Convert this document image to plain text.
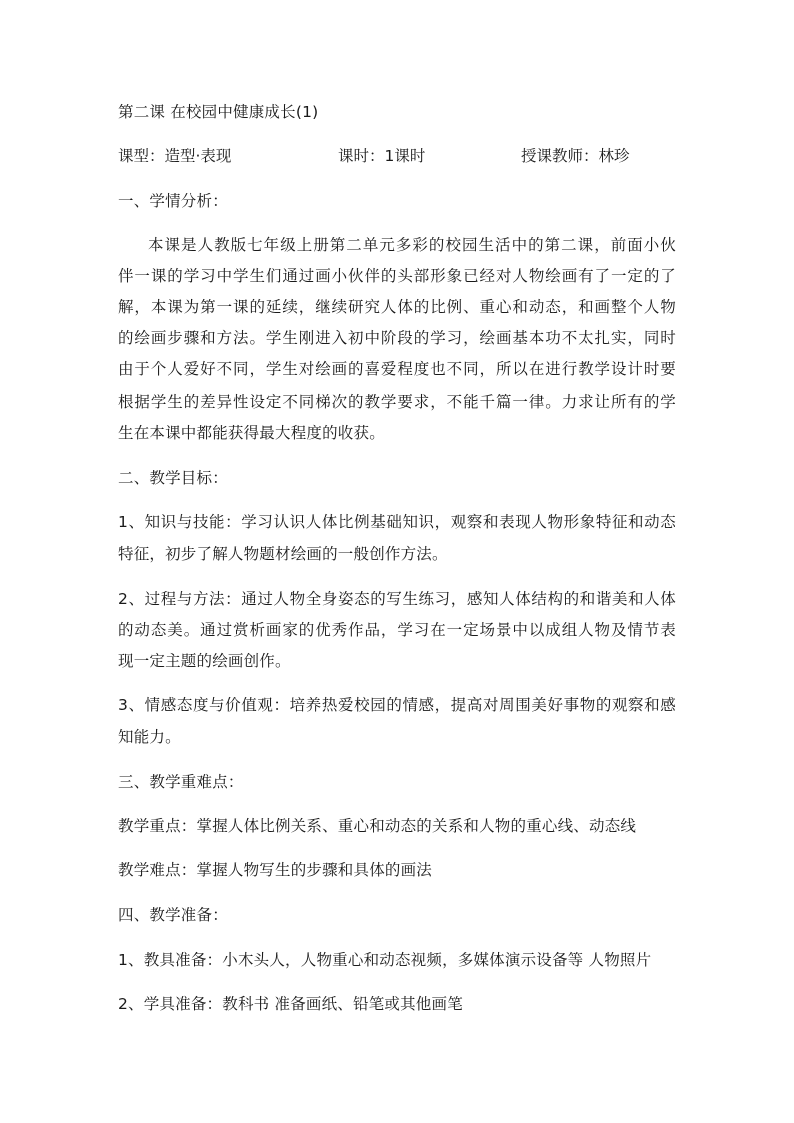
第二课 在校园中健康成长(1)
课型：造型·表现	课时：1课时	授课教师：林珍
一、学情分析：
本课是人教版七年级上册第二单元多彩的校园生活中的第二课，前面小伙
伴一课的学习中学生们通过画小伙伴的头部形象已经对人物绘画有了一定的了
解，本课为第一课的延续，继续研究人体的比例、重心和动态，和画整个人物
的绘画步骤和方法。学生刚进入初中阶段的学习，绘画基本功不太扎实，同时
由于个人爱好不同，学生对绘画的喜爱程度也不同，所以在进行教学设计时要
根据学生的差异性设定不同梯次的教学要求，不能千篇一律。力求让所有的学
生在本课中都能获得最大程度的收获。
二、教学目标：
1、知识与技能：学习认识人体比例基础知识，观察和表现人物形象特征和动态
特征，初步了解人物题材绘画的一般创作方法。
2、过程与方法：通过人物全身姿态的写生练习，感知人体结构的和谐美和人体
的动态美。通过赏析画家的优秀作品，学习在一定场景中以成组人物及情节表
现一定主题的绘画创作。
3、情感态度与价值观：培养热爱校园的情感，提高对周围美好事物的观察和感
知能力。
三、教学重难点：
教学重点：掌握人体比例关系、重心和动态的关系和人物的重心线、动态线
教学难点：掌握人物写生的步骤和具体的画法
四、教学准备：
1、教具准备：小木头人，人物重心和动态视频，多媒体演示设备等 人物照片
2、学具准备：教科书 准备画纸、铅笔或其他画笔
